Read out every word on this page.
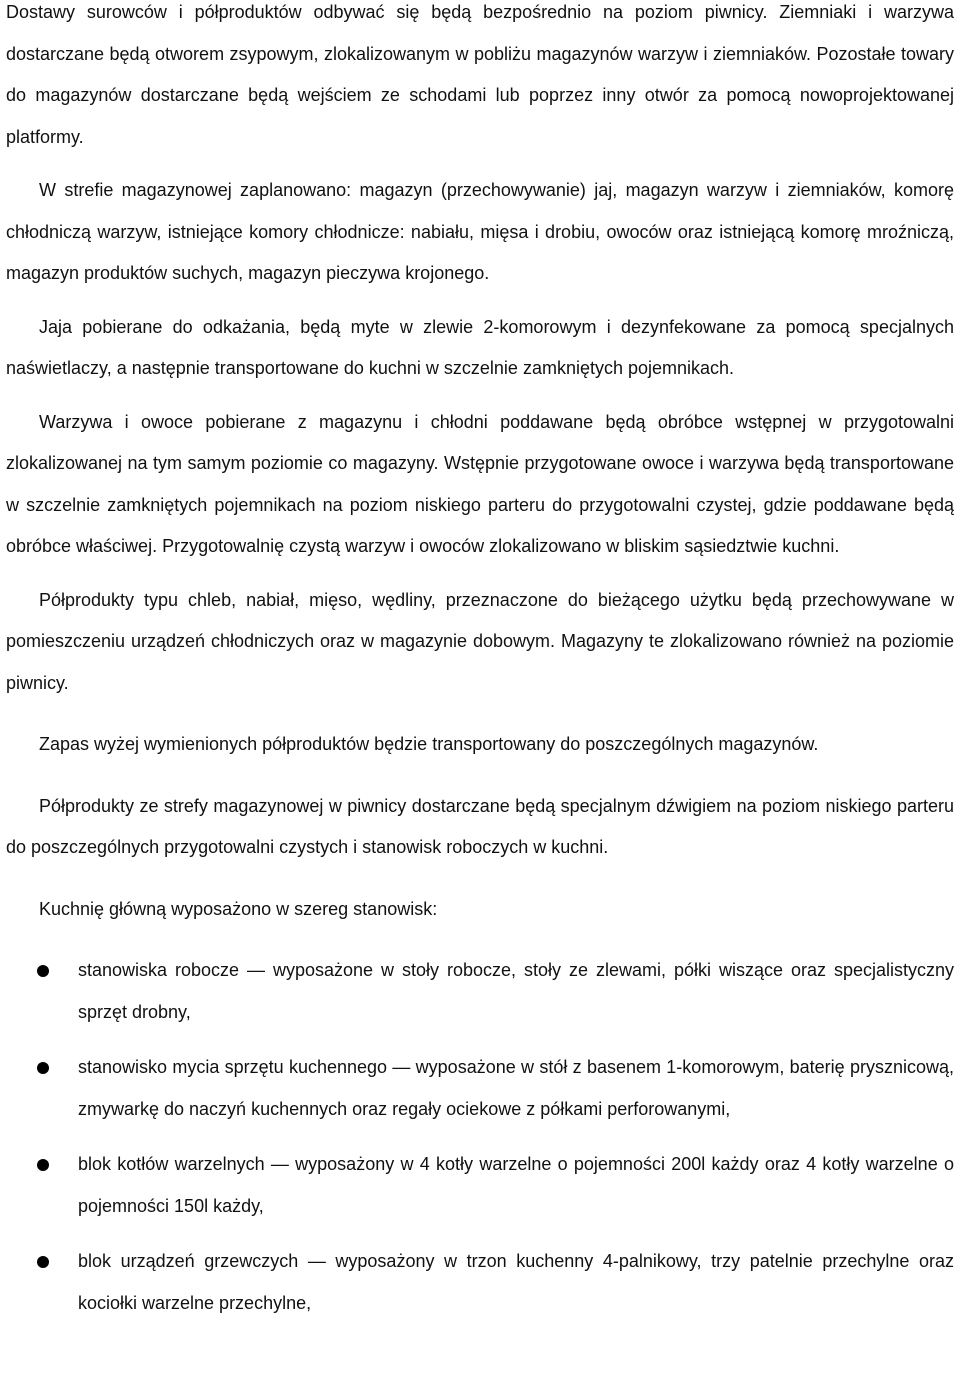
Dostawy surowców i półproduktów odbywać się będą bezpośrednio na poziom piwnicy. Ziemniaki i warzywa dostarczane będą otworem zsypowym, zlokalizowanym w pobliżu magazynów warzyw i ziemniaków. Pozostałe towary do magazynów dostarczane będą wejściem ze schodami lub poprzez inny otwór za pomocą nowoprojektowanej platformy.

W strefie magazynowej zaplanowano: magazyn (przechowywanie) jaj, magazyn warzyw i ziemniaków, komorę chłodniczą warzyw, istniejące komory chłodnicze: nabiału, mięsa i drobiu, owoców oraz istniejącą komorę mroźniczą, magazyn produktów suchych, magazyn pieczywa krojonego.

Jaja pobierane do odkażania, będą myte w zlewie 2-komorowym i dezynfekowane za pomocą specjalnych naświetlaczy, a następnie transportowane do kuchni w szczelnie zamkniętych pojemnikach.

Warzywa i owoce pobierane z magazynu i chłodni poddawane będą obróbce wstępnej w przygotowalni zlokalizowanej na tym samym poziomie co magazyny. Wstępnie przygotowane owoce i warzywa będą transportowane w szczelnie zamkniętych pojemnikach na poziom niskiego parteru do przygotowalni czystej, gdzie poddawane będą obróbce właściwej. Przygotowalnię czystą warzyw i owoców zlokalizowano w bliskim sąsiedztwie kuchni.

Półprodukty typu chleb, nabiał, mięso, wędliny, przeznaczone do bieżącego użytku będą przechowywane w pomieszczeniu urządzeń chłodniczych oraz w magazynie dobowym. Magazyny te zlokalizowano również na poziomie piwnicy.

Zapas wyżej wymienionych półproduktów będzie transportowany do poszczególnych magazynów.

Półprodukty ze strefy magazynowej w piwnicy dostarczane będą specjalnym dźwigiem na poziom niskiego parteru do poszczególnych przygotowalni czystych i stanowisk roboczych w kuchni.

Kuchnię główną wyposażono w szereg stanowisk:

stanowiska robocze — wyposażone w stoły robocze, stoły ze zlewami, półki wiszące oraz specjalistyczny sprzęt drobny,
stanowisko mycia sprzętu kuchennego — wyposażone w stół z basenem 1-komorowym, baterię prysznicową, zmywarkę do naczyń kuchennych oraz regały ociekowe z półkami perforowanymi,
blok kotłów warzelnych — wyposażony w 4 kotły warzelne o pojemności 200l każdy oraz 4 kotły warzelne o pojemności 150l każdy,
blok urządzeń grzewczych — wyposażony w trzon kuchenny 4-palnikowy, trzy patelnie przechylne oraz kociołki warzelne przechylne,
